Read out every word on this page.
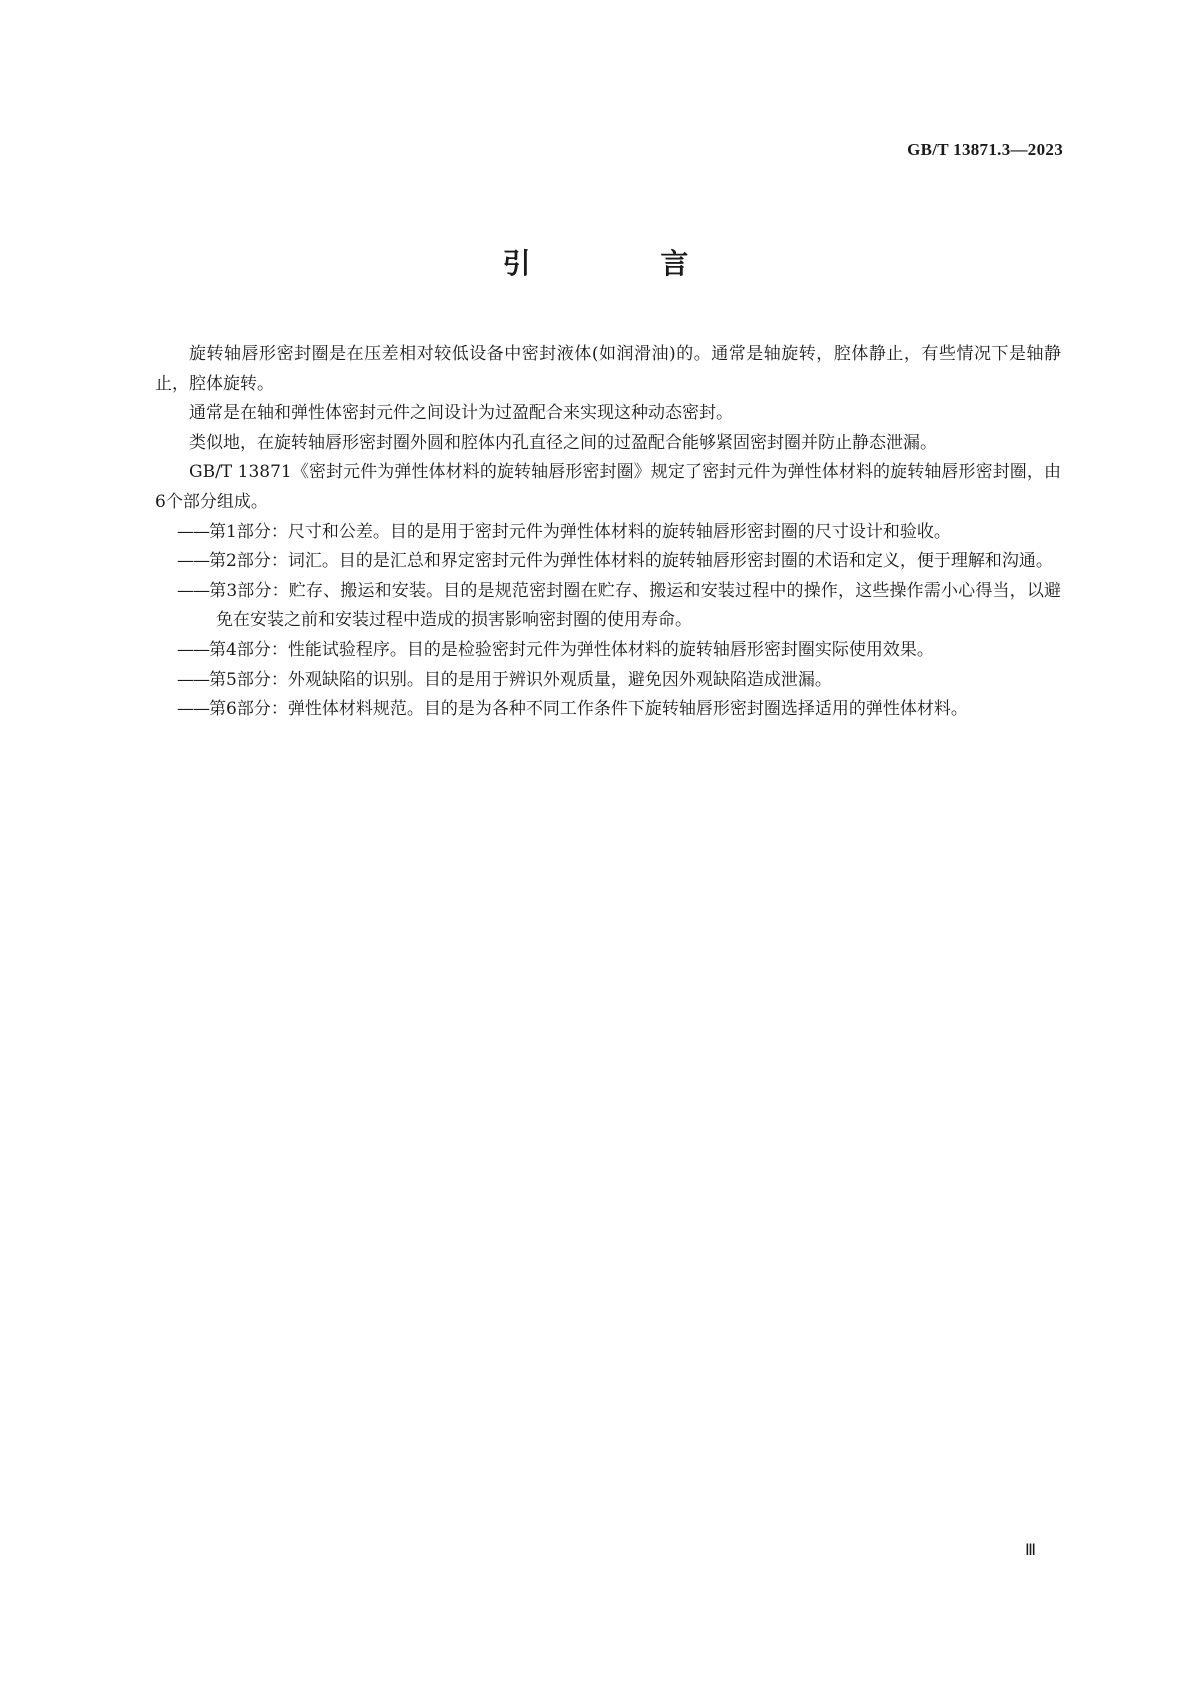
GB/T 13871.3—2023
引 言

旋转轴唇形密封圈是在压差相对较低设备中密封液体(如润滑油)的。通常是轴旋转，腔体静止，有些情况下是轴静止，腔体旋转。

通常是在轴和弹性体密封元件之间设计为过盈配合来实现这种动态密封。

类似地，在旋转轴唇形密封圈外圆和腔体内孔直径之间的过盈配合能够紧固密封圈并防止静态泄漏。

GB/T 13871《密封元件为弹性体材料的旋转轴唇形密封圈》规定了密封元件为弹性体材料的旋转轴唇形密封圈，由6个部分组成。

——第1部分：尺寸和公差。目的是用于密封元件为弹性体材料的旋转轴唇形密封圈的尺寸设计和验收。

——第2部分：词汇。目的是汇总和界定密封元件为弹性体材料的旋转轴唇形密封圈的术语和定义，便于理解和沟通。

——第3部分：贮存、搬运和安装。目的是规范密封圈在贮存、搬运和安装过程中的操作，这些操作需小心得当，以避免在安装之前和安装过程中造成的损害影响密封圈的使用寿命。

——第4部分：性能试验程序。目的是检验密封元件为弹性体材料的旋转轴唇形密封圈实际使用效果。

——第5部分：外观缺陷的识别。目的是用于辨识外观质量，避免因外观缺陷造成泄漏。

——第6部分：弹性体材料规范。目的是为各种不同工作条件下旋转轴唇形密封圈选择适用的弹性体材料。

Ⅲ
